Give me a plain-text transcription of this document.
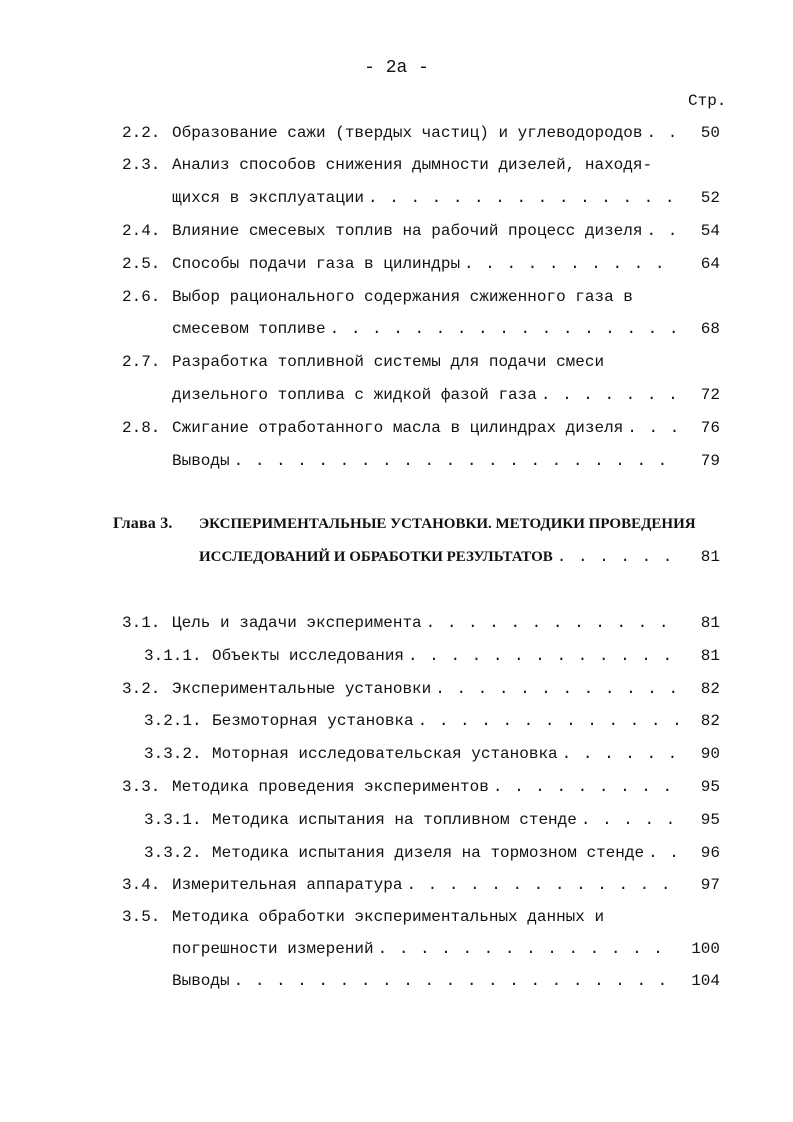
- 2а -
Стр.
2.2. Образование сажи (твердых частиц) и углеводородов . . .	50
2.3. Анализ способов снижения дымности дизелей, находя-
щихся в эксплуатации . . .	52
2.4. Влияние смесевых топлив на рабочий процесс дизеля . . .	54
2.5. Способы подачи газа в цилиндры . . .	64
2.6. Выбор рационального содержания сжиженного газа в
смесевом топливе . . .	68
2.7. Разработка топливной системы для подачи смеси
дизельного топлива с жидкой фазой газа . . .	72
2.8. Сжигание отработанного масла в цилиндрах дизеля . . .	76
Выводы . . .	79
Глава 3. ЭКСПЕРИМЕНТАЛЬНЫЕ УСТАНОВКИ. МЕТОДИКИ ПРОВЕДЕНИЯ
ИССЛЕДОВАНИЙ И ОБРАБОТКИ РЕЗУЛЬТАТОВ . . .	81
3.1. Цель и задачи эксперимента . . .	81
3.1.1. Объекты исследования . . .	81
3.2. Экспериментальные установки . . .	82
3.2.1. Безмоторная установка . . .	82
3.3.2. Моторная исследовательская установка . . .	90
3.3. Методика проведения экспериментов . . .	95
3.3.1. Методика испытания на топливном стенде . . .	95
3.3.2. Методика испытания дизеля на тормозном стенде . . .	96
3.4. Измерительная аппаратура . . .	97
3.5. Методика обработки экспериментальных данных и
погрешности измерений . . .	100
Выводы . . .	104
